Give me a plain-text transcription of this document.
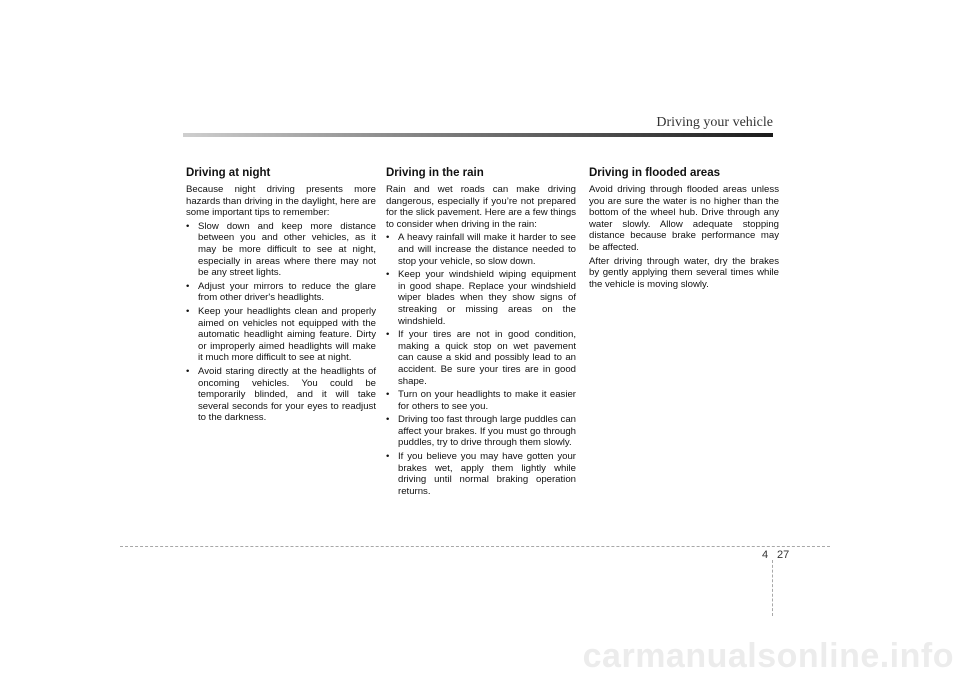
Driving your vehicle
Driving at night

Because night driving presents more hazards than driving in the daylight, here are some important tips to remember:

• Slow down and keep more distance between you and other vehicles, as it may be more difficult to see at night, especially in areas where there may not be any street lights.
• Adjust your mirrors to reduce the glare from other driver's headlights.
• Keep your headlights clean and properly aimed on vehicles not equipped with the automatic headlight aiming feature. Dirty or improperly aimed headlights will make it much more difficult to see at night.
• Avoid staring directly at the headlights of oncoming vehicles. You could be temporarily blinded, and it will take several seconds for your eyes to readjust to the darkness.
Driving in the rain

Rain and wet roads can make driving dangerous, especially if you’re not prepared for the slick pavement. Here are a few things to consider when driving in the rain:

• A heavy rainfall will make it harder to see and will increase the distance needed to stop your vehicle, so slow down.
• Keep your windshield wiping equipment in good shape. Replace your windshield wiper blades when they show signs of streaking or missing areas on the windshield.
• If your tires are not in good condition, making a quick stop on wet pavement can cause a skid and possibly lead to an accident. Be sure your tires are in good shape.
• Turn on your headlights to make it easier for others to see you.
• Driving too fast through large puddles can affect your brakes. If you must go through puddles, try to drive through them slowly.
• If you believe you may have gotten your brakes wet, apply them lightly while driving until normal braking operation returns.
Driving in flooded areas

Avoid driving through flooded areas unless you are sure the water is no higher than the bottom of the wheel hub. Drive through any water slowly. Allow adequate stopping distance because brake performance may be affected.

After driving through water, dry the brakes by gently applying them several times while the vehicle is moving slowly.

4 27
carmanualsonline.info
